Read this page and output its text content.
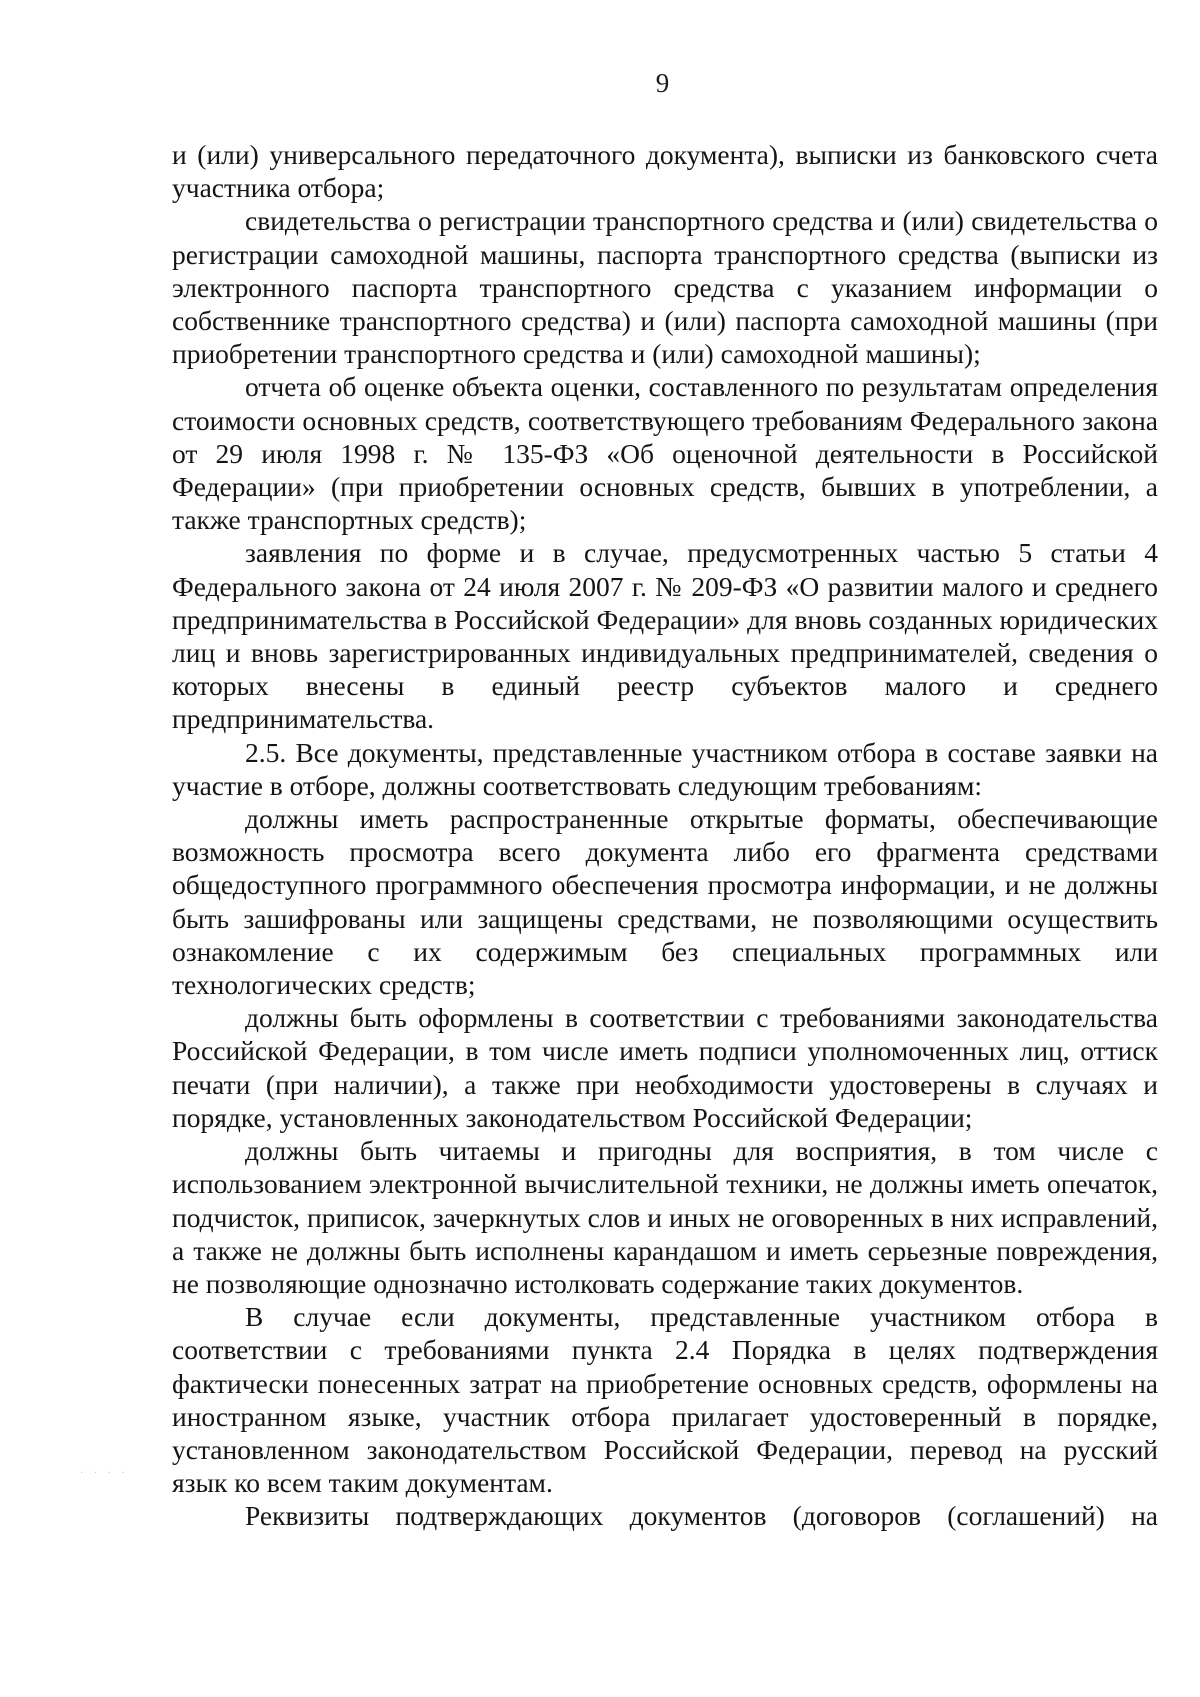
9

и (или) универсального передаточного документа), выписки из банковского счета участника отбора;

свидетельства о регистрации транспортного средства и (или) свидетельства о регистрации самоходной машины, паспорта транспортного средства (выписки из электронного паспорта транспортного средства с указанием информации о собственнике транспортного средства) и (или) паспорта самоходной машины (при приобретении транспортного средства и (или) самоходной машины);

отчета об оценке объекта оценки, составленного по результатам определения стоимости основных средств, соответствующего требованиям Федерального закона от 29 июля 1998 г. № 135-ФЗ «Об оценочной деятельности в Российской Федерации» (при приобретении основных средств, бывших в употреблении, а также транспортных средств);

заявления по форме и в случае, предусмотренных частью 5 статьи 4 Федерального закона от 24 июля 2007 г. № 209-ФЗ «О развитии малого и среднего предпринимательства в Российской Федерации» для вновь созданных юридических лиц и вновь зарегистрированных индивидуальных предпринимателей, сведения о которых внесены в единый реестр субъектов малого и среднего предпринимательства.

2.5. Все документы, представленные участником отбора в составе заявки на участие в отборе, должны соответствовать следующим требованиям:

должны иметь распространенные открытые форматы, обеспечивающие возможность просмотра всего документа либо его фрагмента средствами общедоступного программного обеспечения просмотра информации, и не должны быть зашифрованы или защищены средствами, не позволяющими осуществить ознакомление с их содержимым без специальных программных или технологических средств;

должны быть оформлены в соответствии с требованиями законодательства Российской Федерации, в том числе иметь подписи уполномоченных лиц, оттиск печати (при наличии), а также при необходимости удостоверены в случаях и порядке, установленных законодательством Российской Федерации;

должны быть читаемы и пригодны для восприятия, в том числе с использованием электронной вычислительной техники, не должны иметь опечаток, подчисток, приписок, зачеркнутых слов и иных не оговоренных в них исправлений, а также не должны быть исполнены карандашом и иметь серьезные повреждения, не позволяющие однозначно истолковать содержание таких документов.

В случае если документы, представленные участником отбора в соответствии с требованиями пункта 2.4 Порядка в целях подтверждения фактически понесенных затрат на приобретение основных средств, оформлены на иностранном языке, участник отбора прилагает удостоверенный в порядке, установленном законодательством Российской Федерации, перевод на русский язык ко всем таким документам.

Реквизиты подтверждающих документов (договоров (соглашений) на

· · · ·
